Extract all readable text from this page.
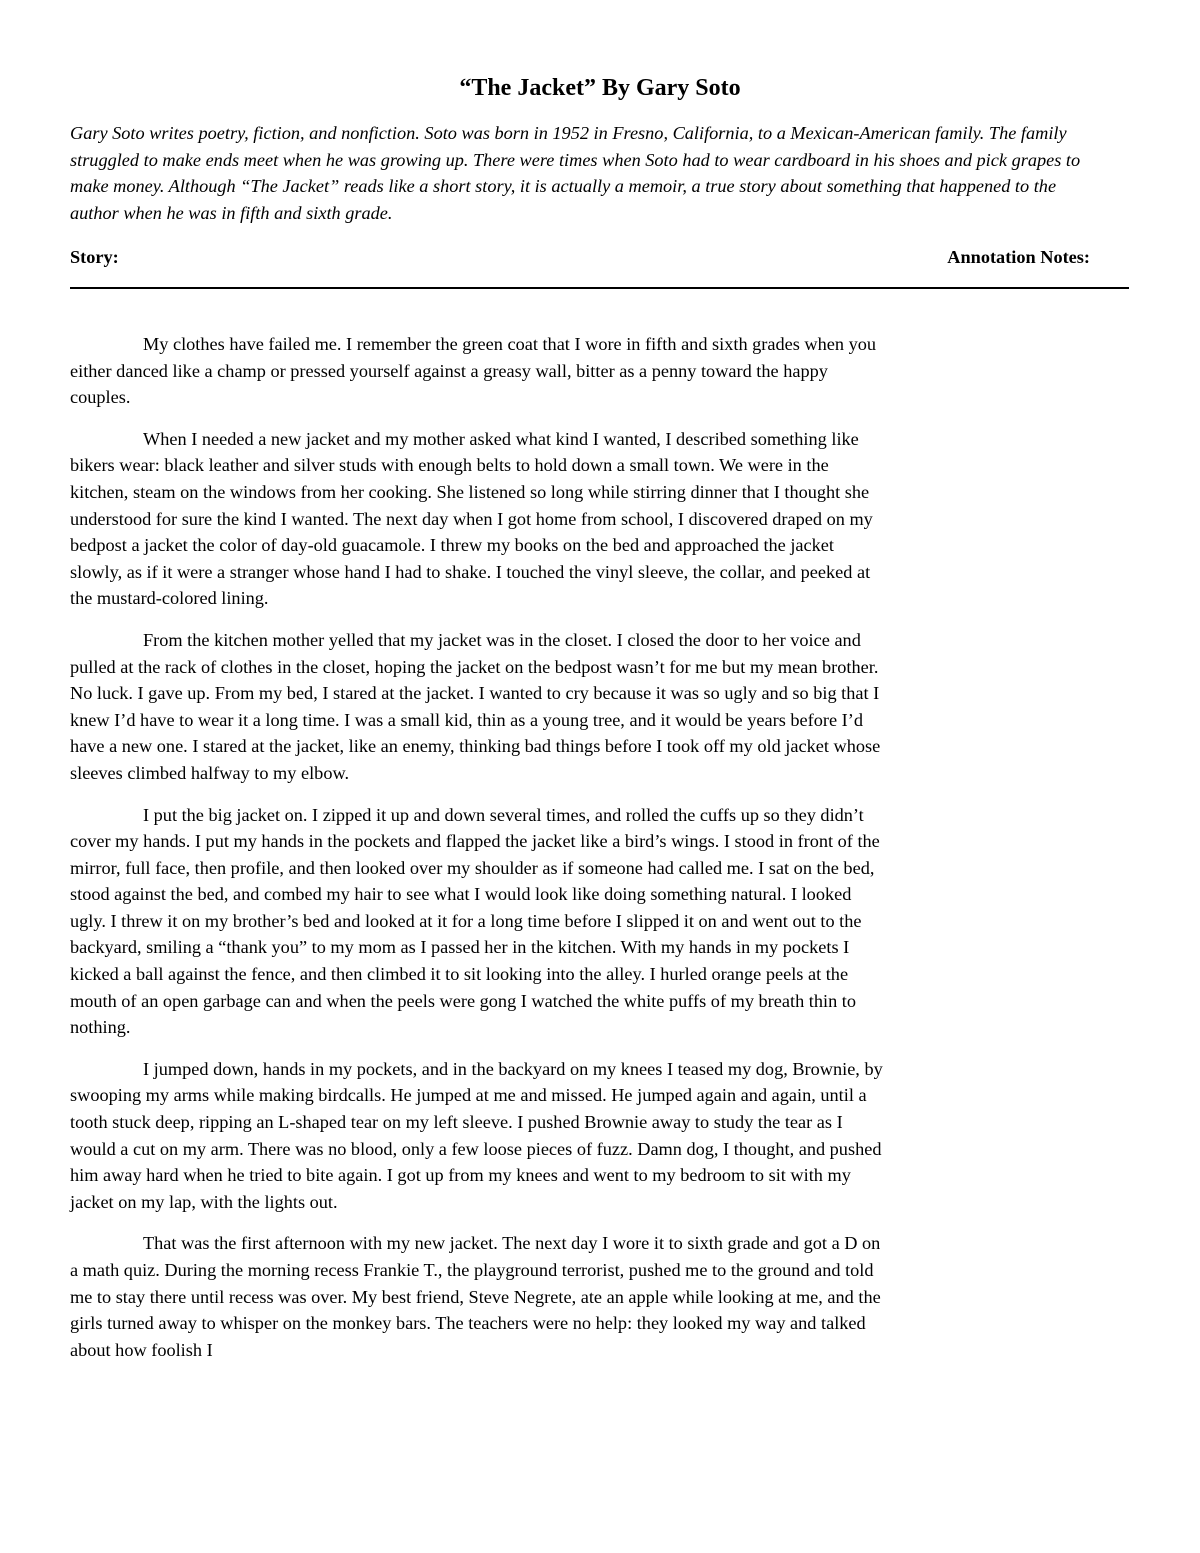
“The Jacket” By Gary Soto

Gary Soto writes poetry, fiction, and nonfiction. Soto was born in 1952 in Fresno, California, to a Mexican-American family. The family struggled to make ends meet when he was growing up. There were times when Soto had to wear cardboard in his shoes and pick grapes to make money. Although “The Jacket” reads like a short story, it is actually a memoir, a true story about something that happened to the author when he was in fifth and sixth grade.

Story:	Annotation Notes:

My clothes have failed me. I remember the green coat that I wore in fifth and sixth grades when you either danced like a champ or pressed yourself against a greasy wall, bitter as a penny toward the happy couples.

When I needed a new jacket and my mother asked what kind I wanted, I described something like bikers wear: black leather and silver studs with enough belts to hold down a small town. We were in the kitchen, steam on the windows from her cooking. She listened so long while stirring dinner that I thought she understood for sure the kind I wanted. The next day when I got home from school, I discovered draped on my bedpost a jacket the color of day-old guacamole. I threw my books on the bed and approached the jacket slowly, as if it were a stranger whose hand I had to shake. I touched the vinyl sleeve, the collar, and peeked at the mustard-colored lining.

From the kitchen mother yelled that my jacket was in the closet. I closed the door to her voice and pulled at the rack of clothes in the closet, hoping the jacket on the bedpost wasn’t for me but my mean brother. No luck. I gave up. From my bed, I stared at the jacket. I wanted to cry because it was so ugly and so big that I knew I’d have to wear it a long time. I was a small kid, thin as a young tree, and it would be years before I’d have a new one. I stared at the jacket, like an enemy, thinking bad things before I took off my old jacket whose sleeves climbed halfway to my elbow.

I put the big jacket on. I zipped it up and down several times, and rolled the cuffs up so they didn’t cover my hands. I put my hands in the pockets and flapped the jacket like a bird’s wings. I stood in front of the mirror, full face, then profile, and then looked over my shoulder as if someone had called me. I sat on the bed, stood against the bed, and combed my hair to see what I would look like doing something natural. I looked ugly. I threw it on my brother’s bed and looked at it for a long time before I slipped it on and went out to the backyard, smiling a “thank you” to my mom as I passed her in the kitchen. With my hands in my pockets I kicked a ball against the fence, and then climbed it to sit looking into the alley. I hurled orange peels at the mouth of an open garbage can and when the peels were gong I watched the white puffs of my breath thin to nothing.

I jumped down, hands in my pockets, and in the backyard on my knees I teased my dog, Brownie, by swooping my arms while making birdcalls. He jumped at me and missed. He jumped again and again, until a tooth stuck deep, ripping an L-shaped tear on my left sleeve. I pushed Brownie away to study the tear as I would a cut on my arm. There was no blood, only a few loose pieces of fuzz. Damn dog, I thought, and pushed him away hard when he tried to bite again. I got up from my knees and went to my bedroom to sit with my jacket on my lap, with the lights out.

That was the first afternoon with my new jacket. The next day I wore it to sixth grade and got a D on a math quiz. During the morning recess Frankie T., the playground terrorist, pushed me to the ground and told me to stay there until recess was over. My best friend, Steve Negrete, ate an apple while looking at me, and the girls turned away to whisper on the monkey bars. The teachers were no help: they looked my way and talked about how foolish I
